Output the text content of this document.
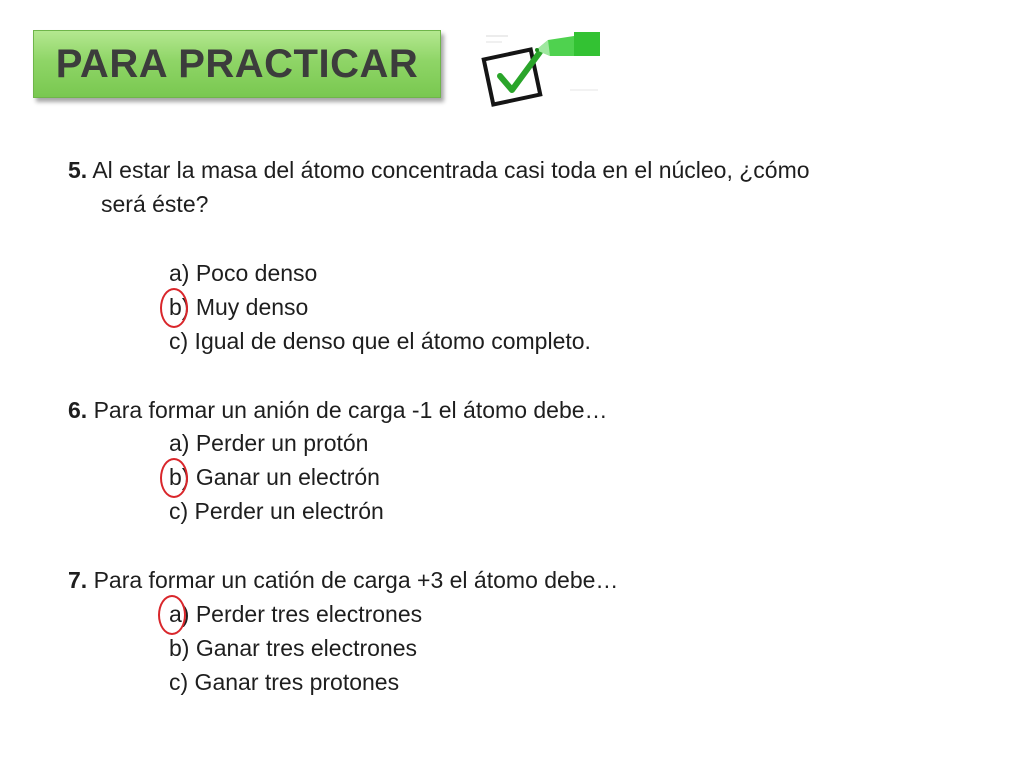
PARA PRACTICAR
5. Al estar la masa del átomo concentrada casi toda en el núcleo, ¿cómo
será éste?
a) Poco denso
b) Muy denso
c) Igual de denso que el átomo completo.
6. Para formar un anión de carga -1 el átomo debe…
a) Perder un protón
b) Ganar un electrón
c) Perder un electrón
7. Para formar un catión de carga +3 el átomo debe…
a) Perder tres electrones
b) Ganar tres electrones
c) Ganar tres protones
